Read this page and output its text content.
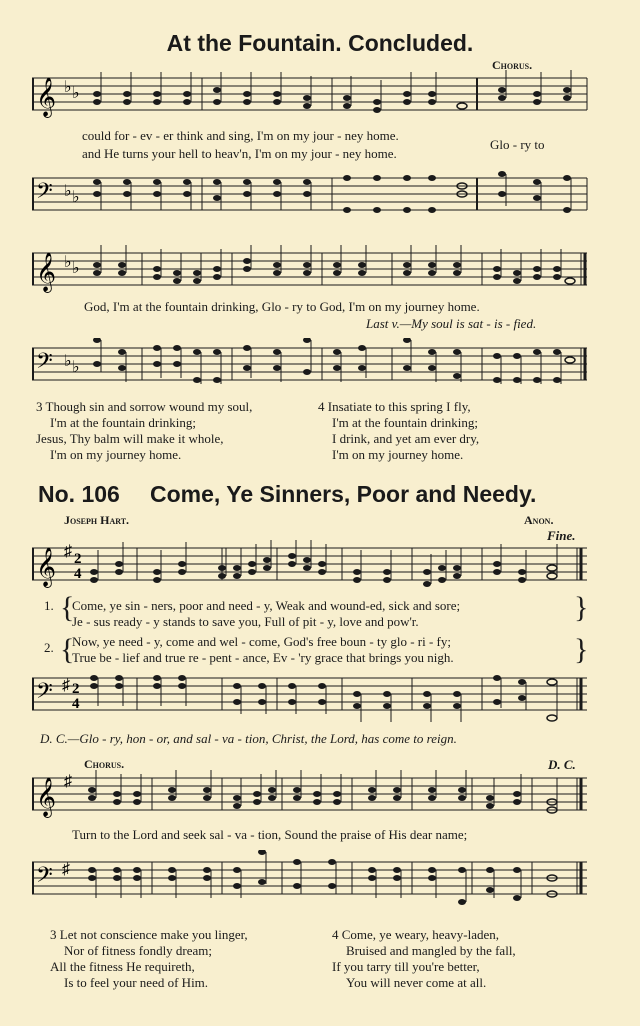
At the Fountain. Concluded.
Chorus.
𝄞 ♭ ♭
could for - ev - er think and sing, I'm on my jour - ney home.
and He turns your hell to heav'n, I'm on my jour - ney home.
Glo - ry to
𝄢 ♭ ♭
𝄞 ♭ ♭
God, I'm at the fountain drinking, Glo - ry to God, I'm on my journey home.
Last v.—My soul is sat - is - fied.
𝄢 ♭ ♭
3 Though sin and sorrow wound my soul,
I'm at the fountain drinking;
Jesus, Thy balm will make it whole,
I'm on my journey home.
4 Insatiate to this spring I fly,
I'm at the fountain drinking;
I drink, and yet am ever dry,
I'm on my journey home.
No. 106 Come, Ye Sinners, Poor and Needy.
Joseph Hart.	Anon.
Fine.
𝄞 ♯ 2
4
1. {
Come, ye sin - ners, poor and need - y, Weak and wound-ed, sick and sore;
Je - sus ready - y stands to save you, Full of pit - y, love and pow'r.	}
2. {
Now, ye need - y, come and wel - come, God's free boun - ty glo - ri - fy;
True be - lief and true re - pent - ance, Ev - 'ry grace that brings you nigh.	}
𝄢 ♯ 2
4
D. C.—Glo - ry, hon - or, and sal - va - tion, Christ, the Lord, has come to reign.
Chorus.	D. C.
𝄞 ♯
Turn to the Lord and seek sal - va - tion, Sound the praise of His dear name;
𝄢 ♯
3 Let not conscience make you linger,
Nor of fitness fondly dream;
All the fitness He requireth,
Is to feel your need of Him.
4 Come, ye weary, heavy-laden,
Bruised and mangled by the fall,
If you tarry till you're better,
You will never come at all.
